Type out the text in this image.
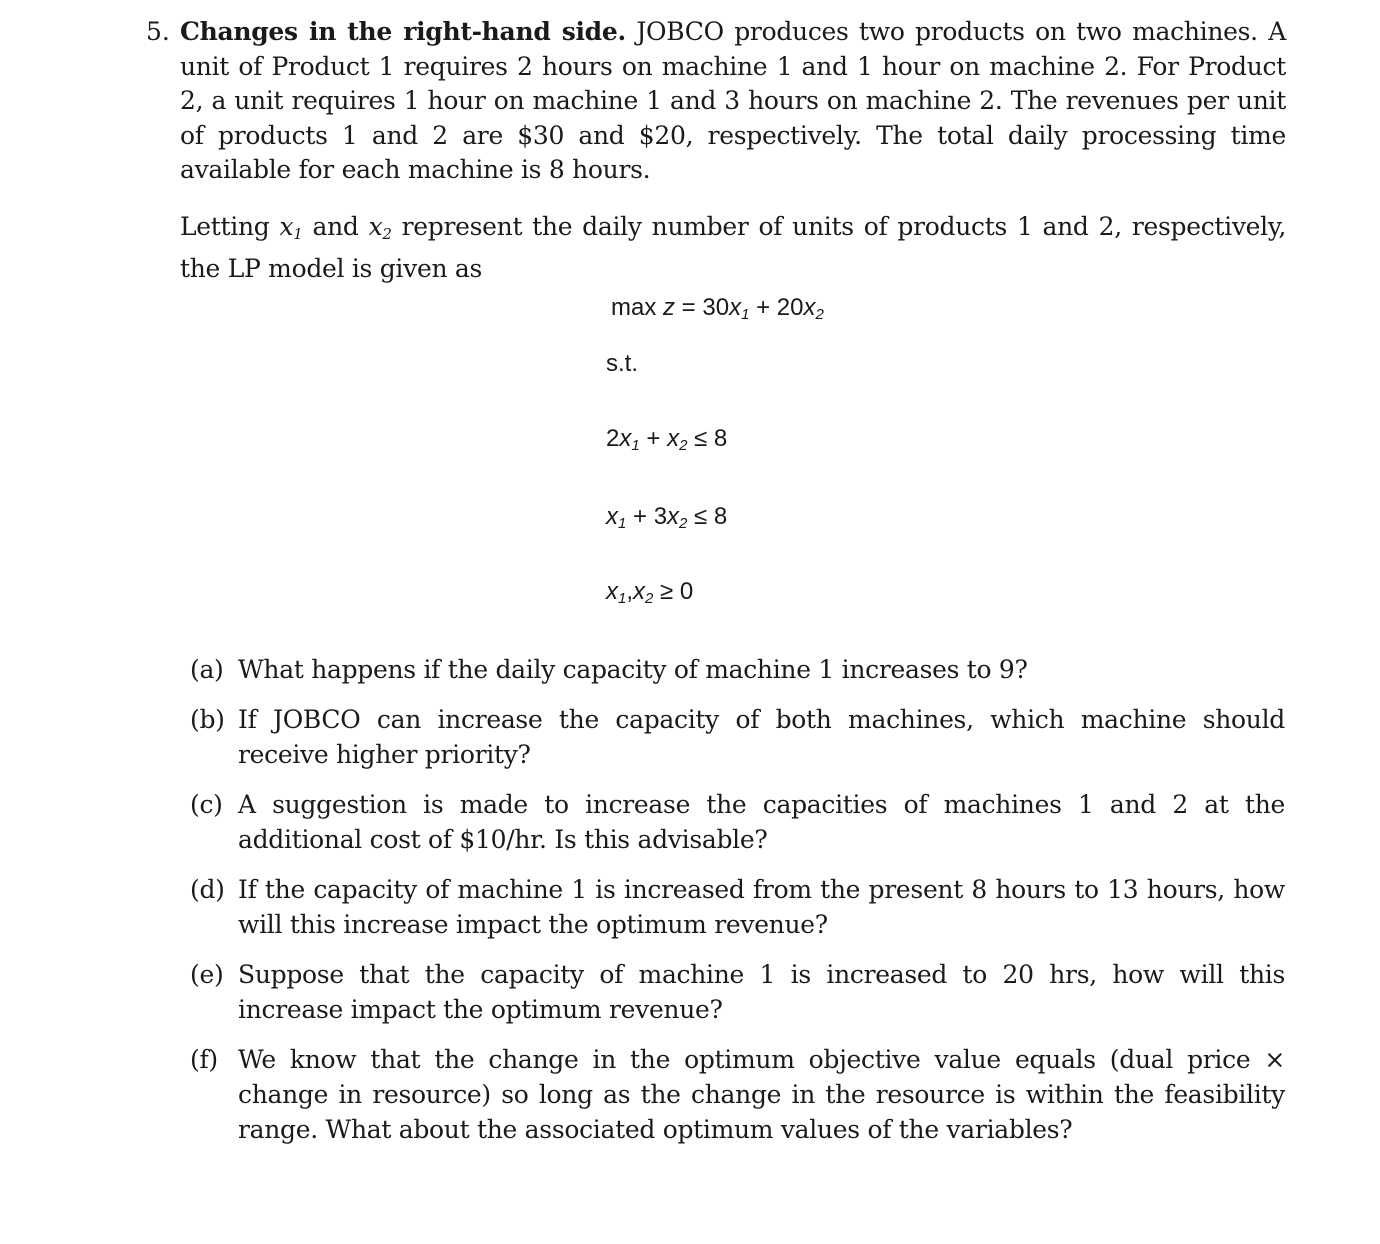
5. Changes in the right-hand side. JOBCO produces two products on two machines. A unit of Product 1 requires 2 hours on machine 1 and 1 hour on machine 2. For Product 2, a unit requires 1 hour on machine 1 and 3 hours on machine 2. The revenues per unit of products 1 and 2 are $30 and $20, respectively. The total daily processing time available for each machine is 8 hours.
Letting $x_1$ and $x_2$ represent the daily number of units of products 1 and 2, respectively, the LP model is given as
$\max z = 30x_1 + 20x_2$
s.t.
$2x_1 + x_2 \le 8$
$x_1 + 3x_2 \le 8$
$x_1,x_2 \ge 0$
(a) What happens if the daily capacity of machine 1 increases to 9?
(b) If JOBCO can increase the capacity of both machines, which machine should receive higher priority?
(c) A suggestion is made to increase the capacities of machines 1 and 2 at the additional cost of $10/hr. Is this advisable?
(d) If the capacity of machine 1 is increased from the present 8 hours to 13 hours, how will this increase impact the optimum revenue?
(e) Suppose that the capacity of machine 1 is increased to 20 hrs, how will this increase impact the optimum revenue?
(f) We know that the change in the optimum objective value equals (dual price × change in resource) so long as the change in the resource is within the feasibility range. What about the associated optimum values of the variables?
